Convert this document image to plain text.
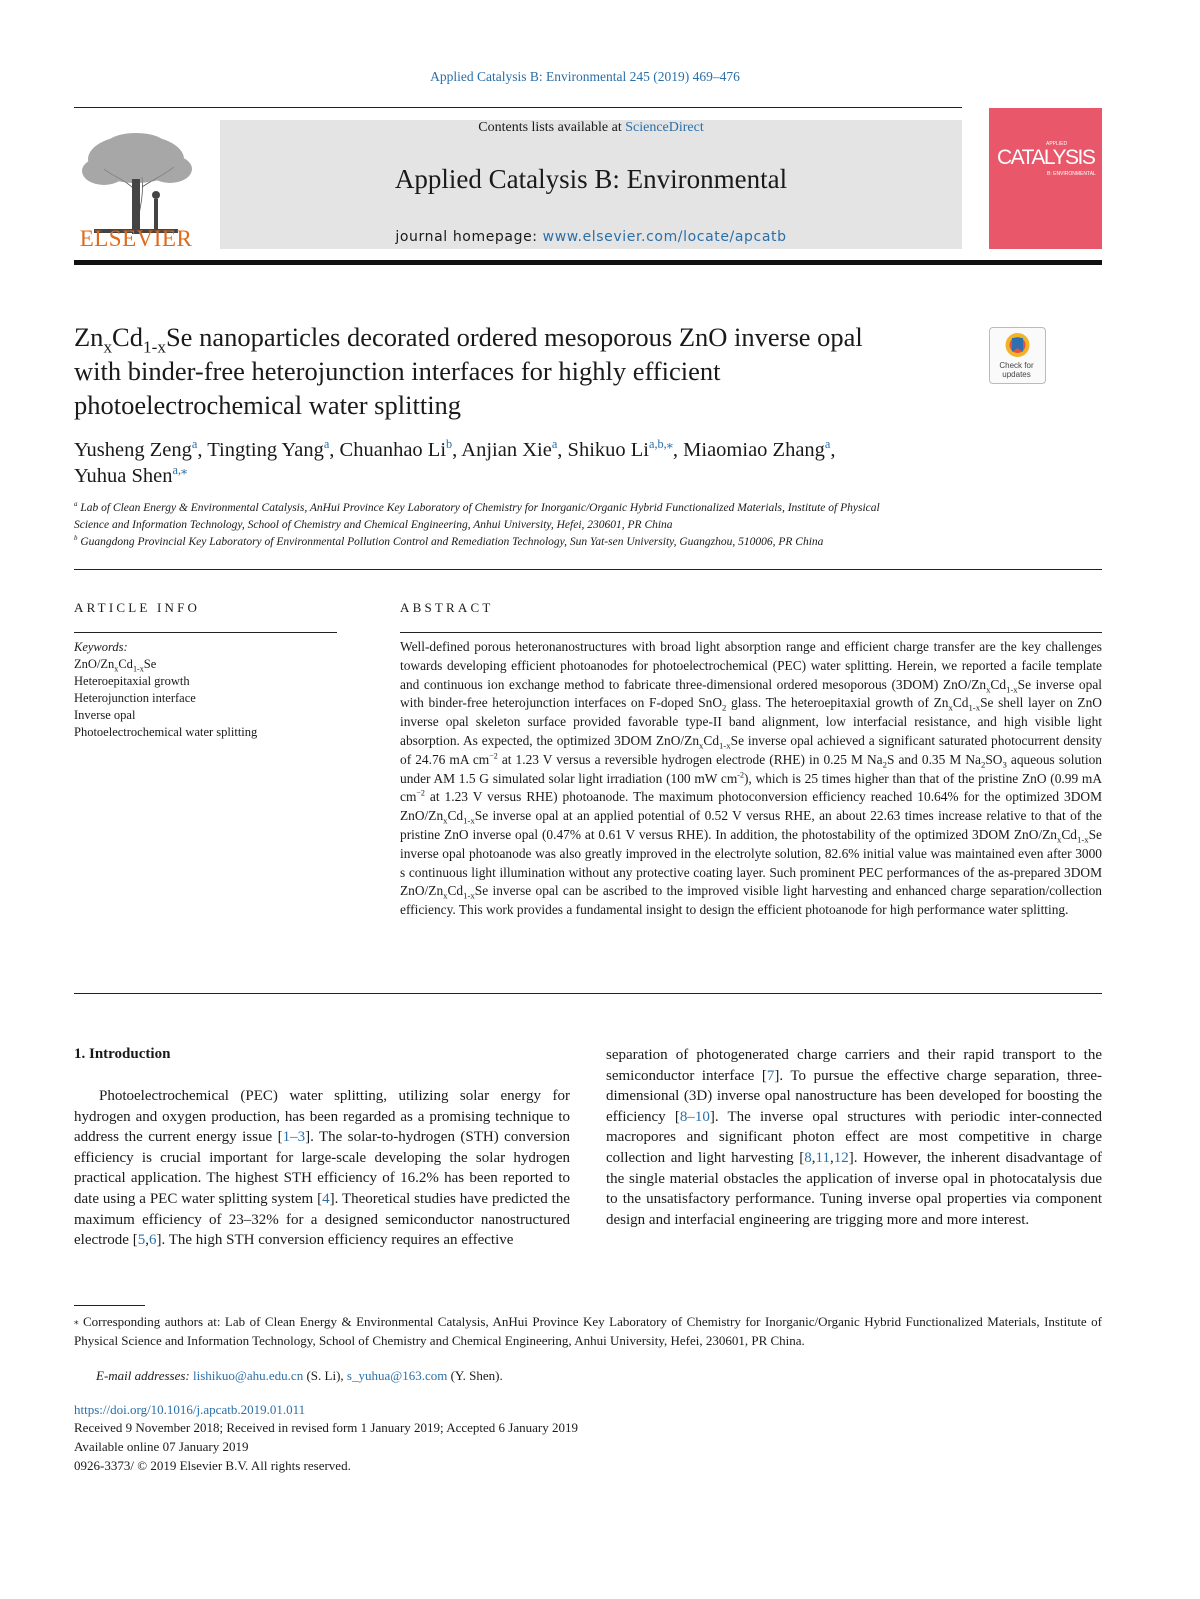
Applied Catalysis B: Environmental 245 (2019) 469–476
ELSEVIER
Contents lists available at ScienceDirect
Applied Catalysis B: Environmental
journal homepage: www.elsevier.com/locate/apcatb
APPLIED
CATALYSIS
B: ENVIRONMENTAL
$Zn_xCd_{1-x}Se$ nanoparticles decorated ordered mesoporous ZnO inverse opal
with binder-free heterojunction interfaces for highly efficient
photoelectrochemical water splitting
Check for
updates
Yusheng Zeng$^a$, Tingting Yang$^a$, Chuanhao Li$^b$, Anjian Xie$^a$, Shikuo $Li^{a,b,⁎}$, Miaomiao Zhang$^a$,
Yuhua Shen$^{a,⁎}$
$^a$ Lab of Clean Energy & Environmental Catalysis, AnHui Province Key Laboratory of Chemistry for Inorganic/Organic Hybrid Functionalized Materials, Institute of Physical
Science and Information Technology, School of Chemistry and Chemical Engineering, Anhui University, Hefei, 230601, PR China
$^b$ Guangdong Provincial Key Laboratory of Environmental Pollution Control and Remediation Technology, Sun Yat-sen University, Guangzhou, 510006, PR China
ARTICLE INFO	ABSTRACT
Keywords:
ZnO/$Zn_xCd_{1-x}Se$
Heteroepitaxial growth
Heterojunction interface
Inverse opal
Photoelectrochemical water splitting
Well-defined porous heteronanostructures with broad light absorption range and efficient charge transfer are the key challenges towards developing efficient photoanodes for photoelectrochemical (PEC) water splitting. Herein, we reported a facile template and continuous ion exchange method to fabricate three-dimensional ordered mesoporous (3DOM) ZnO/$Zn_xCd_{1-x}Se$ inverse opal with binder-free heterojunction interfaces on F-doped SnO$_2$ glass. The heteroepitaxial growth of $Zn_xCd_{1-x}Se$ shell layer on ZnO inverse opal skeleton surface provided favorable type-II band alignment, low interfacial resistance, and high visible light absorption. As expected, the optimized 3DOM ZnO/$Zn_xCd_{1-x}Se$ inverse opal achieved a significant saturated photocurrent density of 24.76 mA $cm^{-2}$ at 1.23 V versus a reversible hydrogen electrode (RHE) in 0.25 M $Na_2S$ and 0.35 M $Na_2SO_3$ aqueous solution under AM 1.5 G simulated solar light irradiation (100 mW $cm^{-2}$), which is 25 times higher than that of the pristine ZnO (0.99 mA $cm^{-2}$ at 1.23 V versus RHE) photoanode. The maximum photoconversion efficiency reached 10.64% for the optimized 3DOM ZnO/$Zn_xCd_{1-x}Se$ inverse opal at an applied potential of 0.52 V versus RHE, an about 22.63 times increase relative to that of the pristine ZnO inverse opal (0.47% at 0.61 V versus RHE). In addition, the photostability of the optimized 3DOM ZnO/$Zn_xCd_{1-x}Se$ inverse opal photoanode was also greatly improved in the electrolyte solution, 82.6% initial value was maintained even after 3000 s continuous light illumination without any protective coating layer. Such prominent PEC performances of the as-prepared 3DOM ZnO/$Zn_xCd_{1-x}Se$ inverse opal can be ascribed to the improved visible light harvesting and enhanced charge separation/collection efficiency. This work provides a fundamental insight to design the efficient photoanode for high performance water splitting.
1. Introduction

Photoelectrochemical (PEC) water splitting, utilizing solar energy for hydrogen and oxygen production, has been regarded as a promising technique to address the current energy issue [1–3]. The solar-to-hydrogen (STH) conversion efficiency is crucial important for large-scale developing the solar hydrogen practical application. The highest STH efficiency of 16.2% has been reported to date using a PEC water splitting system [4]. Theoretical studies have predicted the maximum efficiency of 23–32% for a designed semiconductor nanostructured electrode [5,6]. The high STH conversion efficiency requires an effective

separation of photogenerated charge carriers and their rapid transport to the semiconductor interface [7]. To pursue the effective charge separation, three-dimensional (3D) inverse opal nanostructure has been developed for boosting the efficiency [8–10]. The inverse opal structures with periodic inter-connected macropores and significant photon effect are most competitive in charge collection and light harvesting [8,11,12]. However, the inherent disadvantage of the single material obstacles the application of inverse opal in photocatalysis due to the unsatisfactory performance. Tuning inverse opal properties via component design and interfacial engineering are trigging more and more interest.

⁎ Corresponding authors at: Lab of Clean Energy & Environmental Catalysis, AnHui Province Key Laboratory of Chemistry for Inorganic/Organic Hybrid Functionalized Materials, Institute of Physical Science and Information Technology, School of Chemistry and Chemical Engineering, Anhui University, Hefei, 230601, PR China.

E-mail addresses: lishikuo@ahu.edu.cn (S. Li), s_yuhua@163.com (Y. Shen).
https://doi.org/10.1016/j.apcatb.2019.01.011
Received 9 November 2018; Received in revised form 1 January 2019; Accepted 6 January 2019
Available online 07 January 2019
0926-3373/ © 2019 Elsevier B.V. All rights reserved.
